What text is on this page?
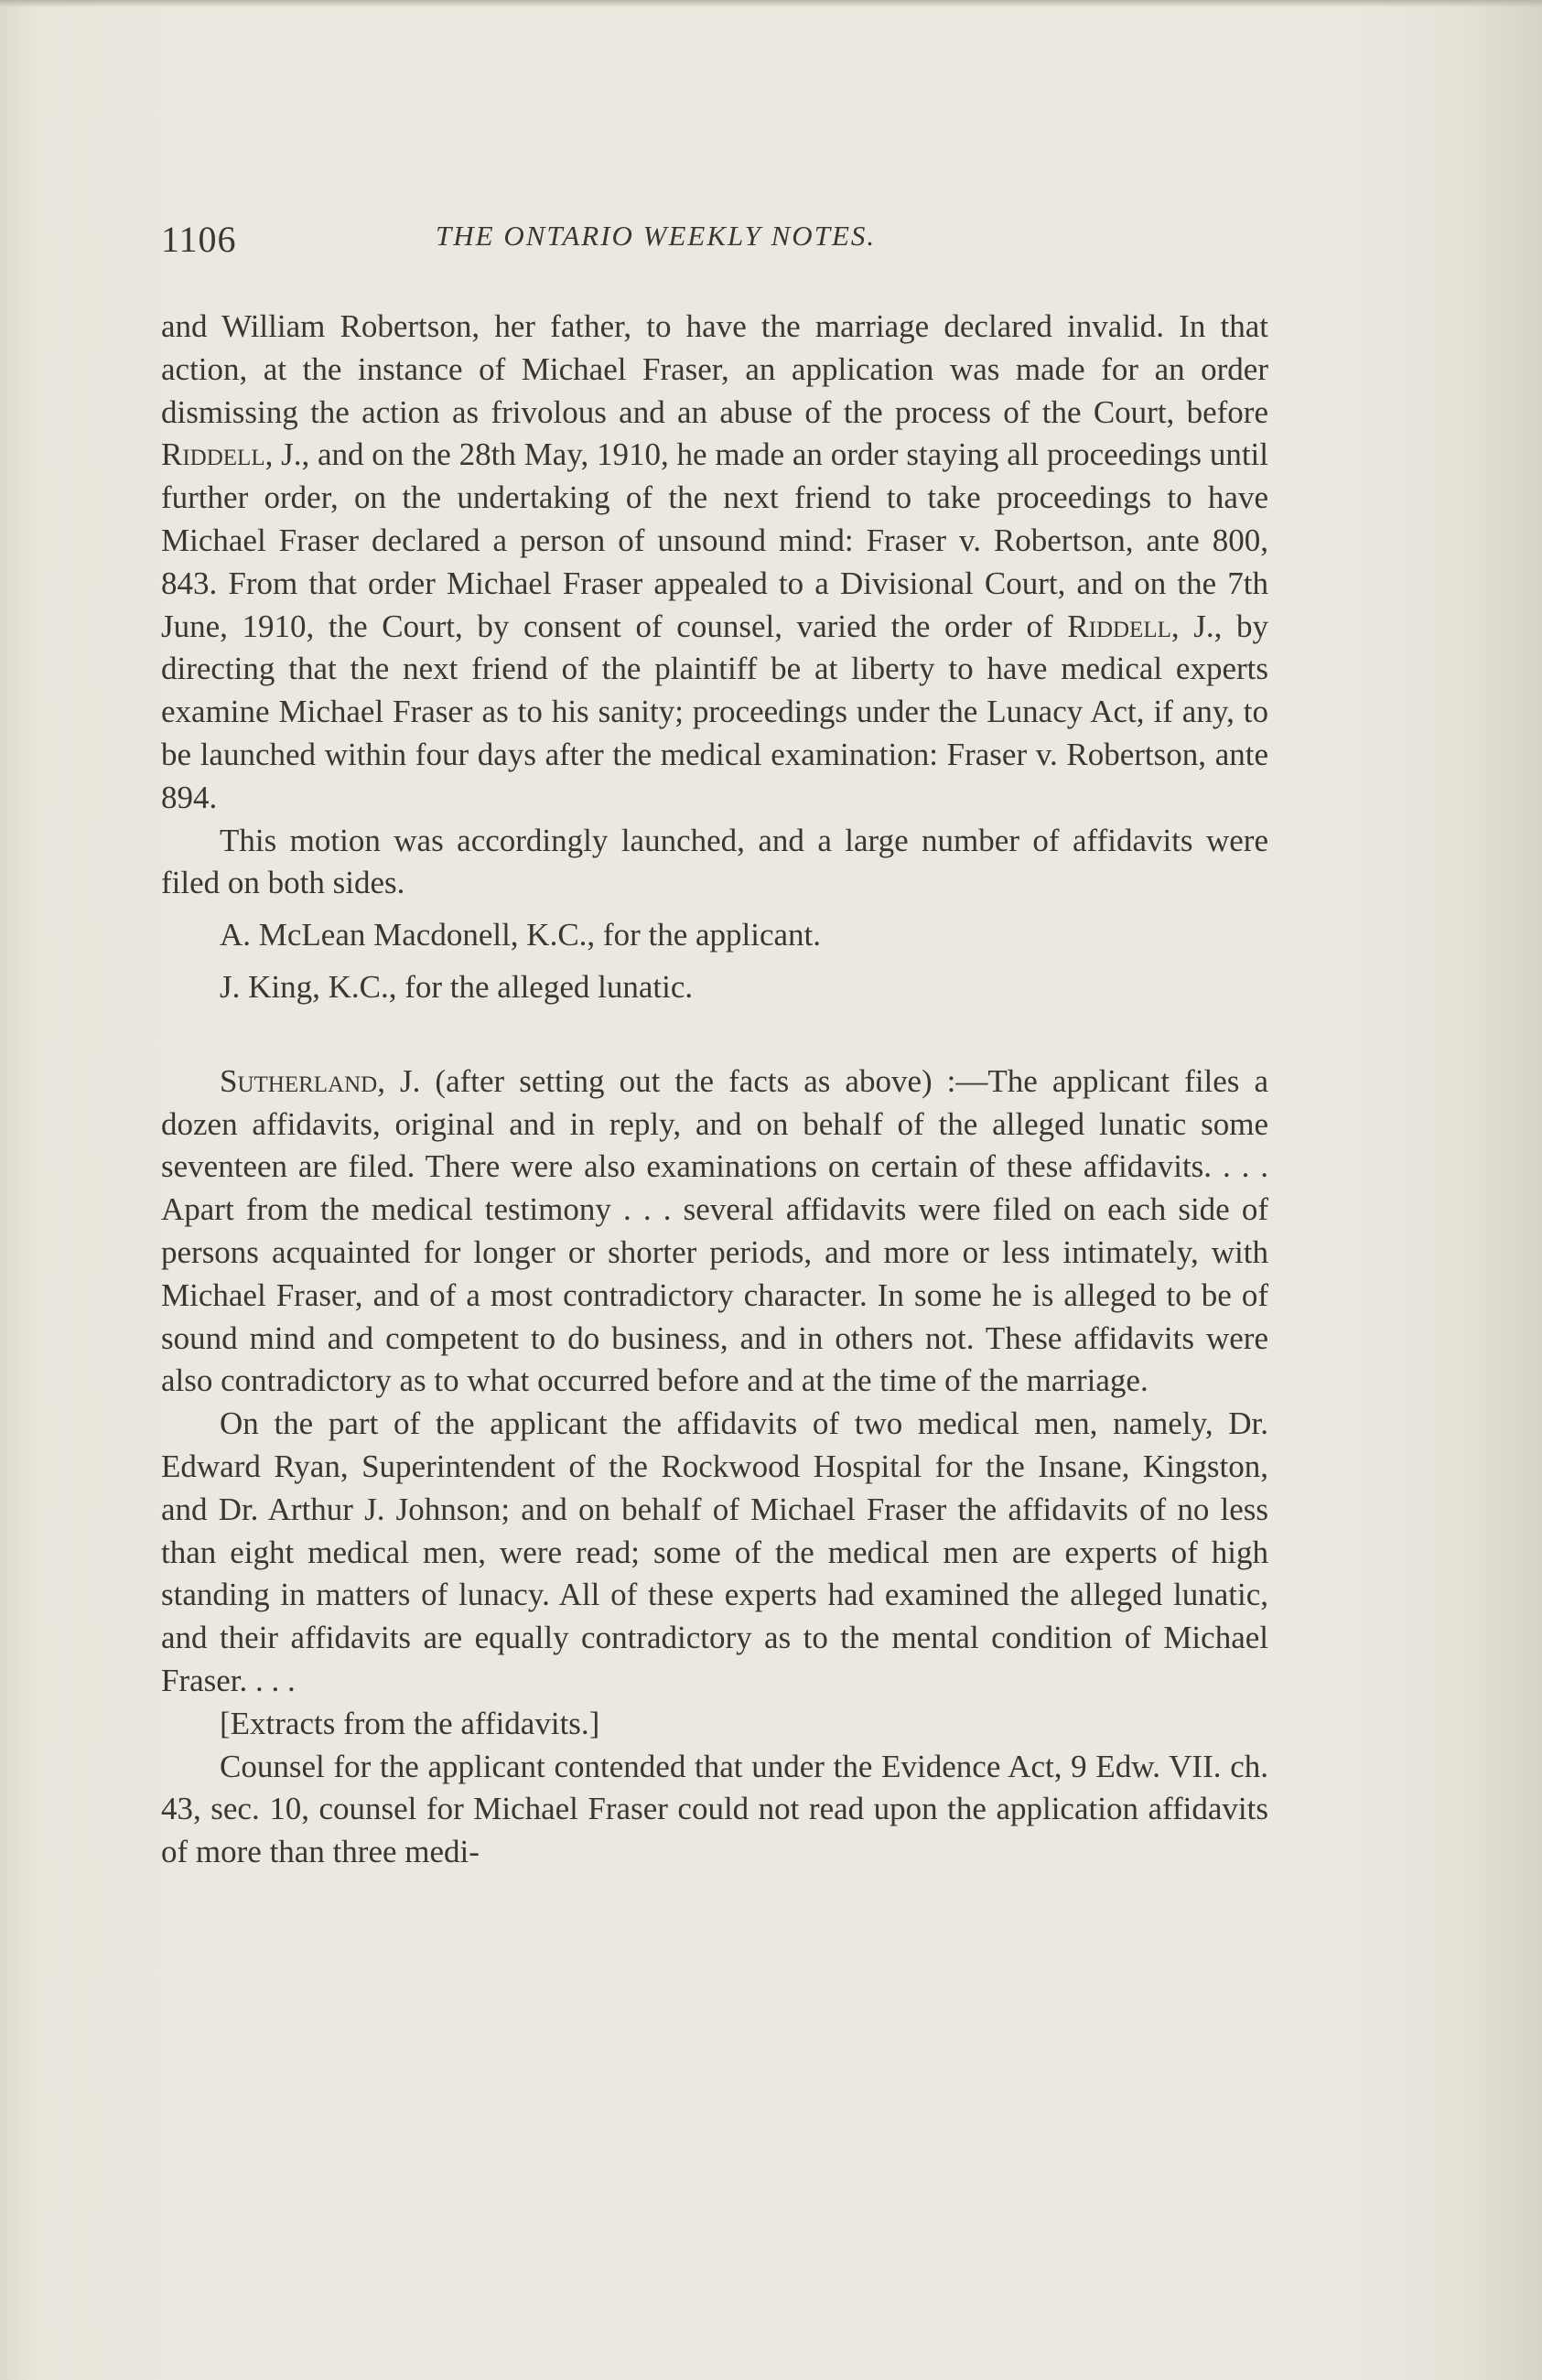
1106	THE ONTARIO WEEKLY NOTES.

and William Robertson, her father, to have the marriage declared invalid. In that action, at the instance of Michael Fraser, an application was made for an order dismissing the action as frivolous and an abuse of the process of the Court, before Riddell, J., and on the 28th May, 1910, he made an order staying all proceedings until further order, on the undertaking of the next friend to take proceedings to have Michael Fraser declared a person of unsound mind: Fraser v. Robertson, ante 800, 843. From that order Michael Fraser appealed to a Divisional Court, and on the 7th June, 1910, the Court, by consent of counsel, varied the order of Riddell, J., by directing that the next friend of the plaintiff be at liberty to have medical experts examine Michael Fraser as to his sanity; proceedings under the Lunacy Act, if any, to be launched within four days after the medical examination: Fraser v. Robertson, ante 894.

This motion was accordingly launched, and a large number of affidavits were filed on both sides.

A. McLean Macdonell, K.C., for the applicant.

J. King, K.C., for the alleged lunatic.

Sutherland, J. (after setting out the facts as above) :—The applicant files a dozen affidavits, original and in reply, and on behalf of the alleged lunatic some seventeen are filed. There were also examinations on certain of these affidavits. . . . Apart from the medical testimony . . . several affidavits were filed on each side of persons acquainted for longer or shorter periods, and more or less intimately, with Michael Fraser, and of a most contradictory character. In some he is alleged to be of sound mind and competent to do business, and in others not. These affidavits were also contradictory as to what occurred before and at the time of the marriage.

On the part of the applicant the affidavits of two medical men, namely, Dr. Edward Ryan, Superintendent of the Rockwood Hospital for the Insane, Kingston, and Dr. Arthur J. Johnson; and on behalf of Michael Fraser the affidavits of no less than eight medical men, were read; some of the medical men are experts of high standing in matters of lunacy. All of these experts had examined the alleged lunatic, and their affidavits are equally contradictory as to the mental condition of Michael Fraser. . . .

[Extracts from the affidavits.]

Counsel for the applicant contended that under the Evidence Act, 9 Edw. VII. ch. 43, sec. 10, counsel for Michael Fraser could not read upon the application affidavits of more than three medi-
